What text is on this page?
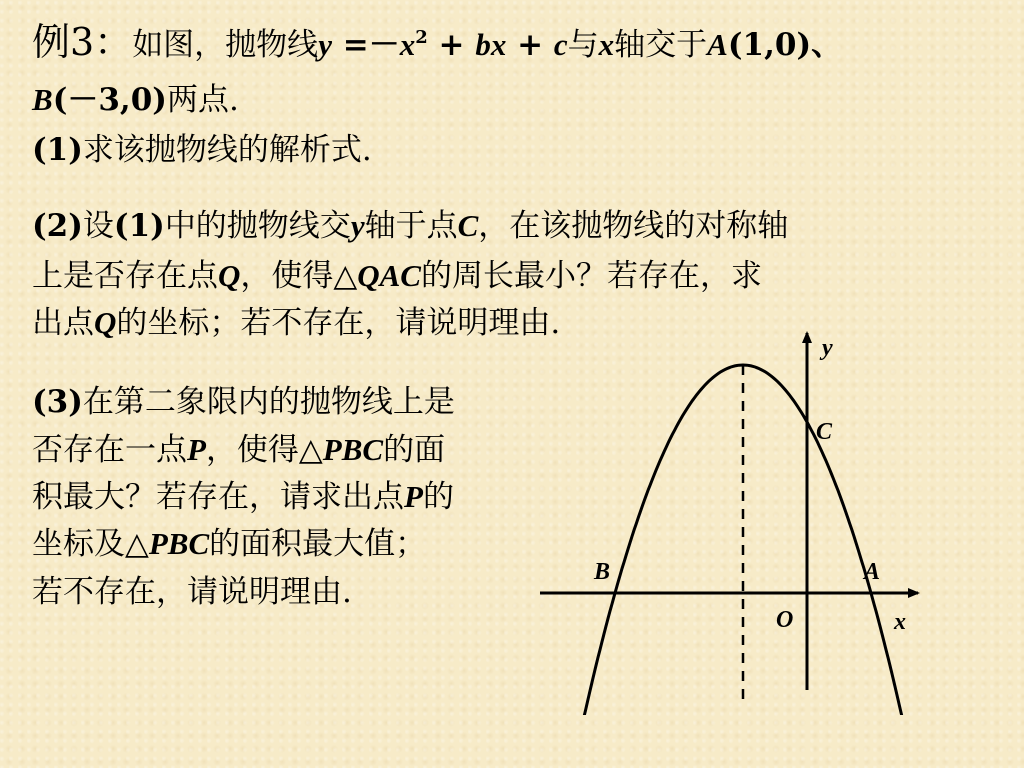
例3：如图，抛物线$y =-x^2$ + bx + c与x轴交于A(1,0)、
B(－3,0)两点.
(1)求该抛物线的解析式.
(2)设(1)中的抛物线交y轴于点C，在该抛物线的对称轴
上是否存在点Q，使得△QAC的周长最小？若存在，求
出点Q的坐标；若不存在，请说明理由.
(3)在第二象限内的抛物线上是
否存在一点P，使得△PBC的面
积最大？若存在，请求出点P的
坐标及△PBC的面积最大值；
若不存在，请说明理由.
y
x
C
B	A
O
